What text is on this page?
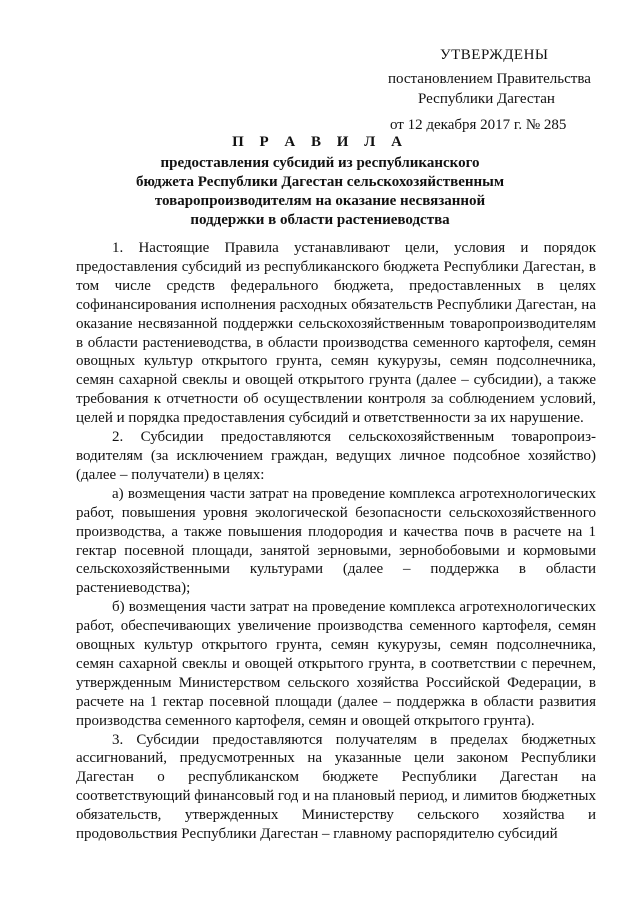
УТВЕРЖДЕНЫ
постановлением Правительства
Республики Дагестан
от 12 декабря 2017 г. № 285
П Р А В И Л А
предоставления субсидий из республиканского
бюджета Республики Дагестан сельскохозяйственным
товаропроизводителям на оказание несвязанной
поддержки в области растениеводства

1. Настоящие Правила устанавливают цели, условия и порядок предоставления субсидий из республиканского бюджета Республики Дагестан, в том числе средств федерального бюджета, предоставленных в целях софинансирования исполнения расходных обязательств Республики Дагестан, на оказание несвязанной поддержки сельскохозяйственным товаропроизводителям в области растениеводства, в области производства семенного картофеля, семян овощных культур открытого грунта, семян кукурузы, семян подсолнечника, семян сахарной свеклы и овощей открытого грунта (далее – субсидии), а также требования к отчетности об осуществлении контроля за соблюдением условий, целей и порядка предоставления субсидий и ответственности за их нарушение.

2. Субсидии предоставляются сельскохозяйственным товаропроизводителям (за исключением граждан, ведущих личное подсобное хозяйство) (далее – получатели) в целях:

а) возмещения части затрат на проведение комплекса агротехнологических работ, повышения уровня экологической безопасности сельскохозяйственного производства, а также повышения плодородия и качества почв в расчете на 1 гектар посевной площади, занятой зерновыми, зернобобовыми и кормовыми сельскохозяйственными культурами (далее – поддержка в области растениеводства);

б) возмещения части затрат на проведение комплекса агротехнологических работ, обеспечивающих увеличение производства семенного картофеля, семян овощных культур открытого грунта, семян кукурузы, семян подсолнечника, семян сахарной свеклы и овощей открытого грунта, в соответствии с перечнем, утвержденным Министерством сельского хозяйства Российской Федерации, в расчете на 1 гектар посевной площади (далее – поддержка в области развития производства семенного картофеля, семян и овощей открытого грунта).

3. Субсидии предоставляются получателям в пределах бюджетных ассигнований, предусмотренных на указанные цели законом Республики Дагестан о республиканском бюджете Республики Дагестан на соответствующий финансовый год и на плановый период, и лимитов бюджетных обязательств, утвержденных Министерству сельского хозяйства и продовольствия Республики Дагестан – главному распорядителю субсидий
